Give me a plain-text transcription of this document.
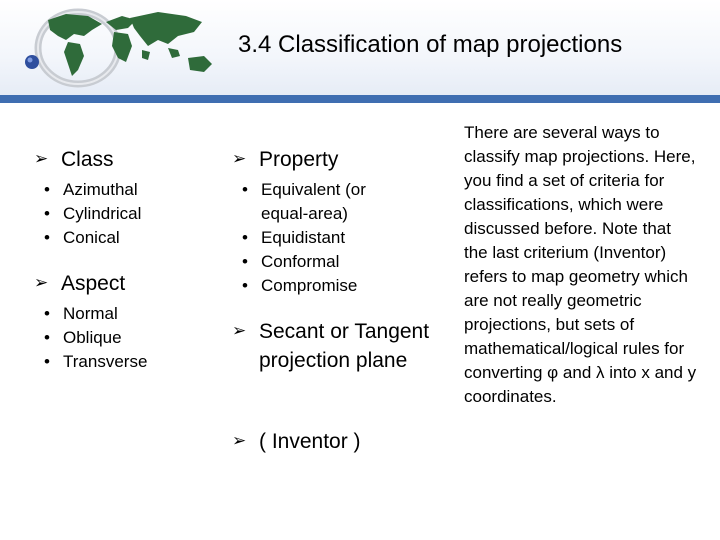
3.4 Classification of map projections
➢ Class
• Azimuthal
• Cylindrical
• Conical
➢ Aspect
• Normal
• Oblique
• Transverse
➢ Property
• Equivalent (or equal-area)
• Equidistant
• Conformal
• Compromise
➢ Secant or Tangent projection plane
➢ ( Inventor )
There are several ways to classify map projections. Here, you find a set of criteria for classifications, which were discussed before. Note that the last criterium (Inventor) refers to map geometry which are not really geometric projections, but sets of mathematical/logical rules for converting φ and λ into x and y coordinates.
